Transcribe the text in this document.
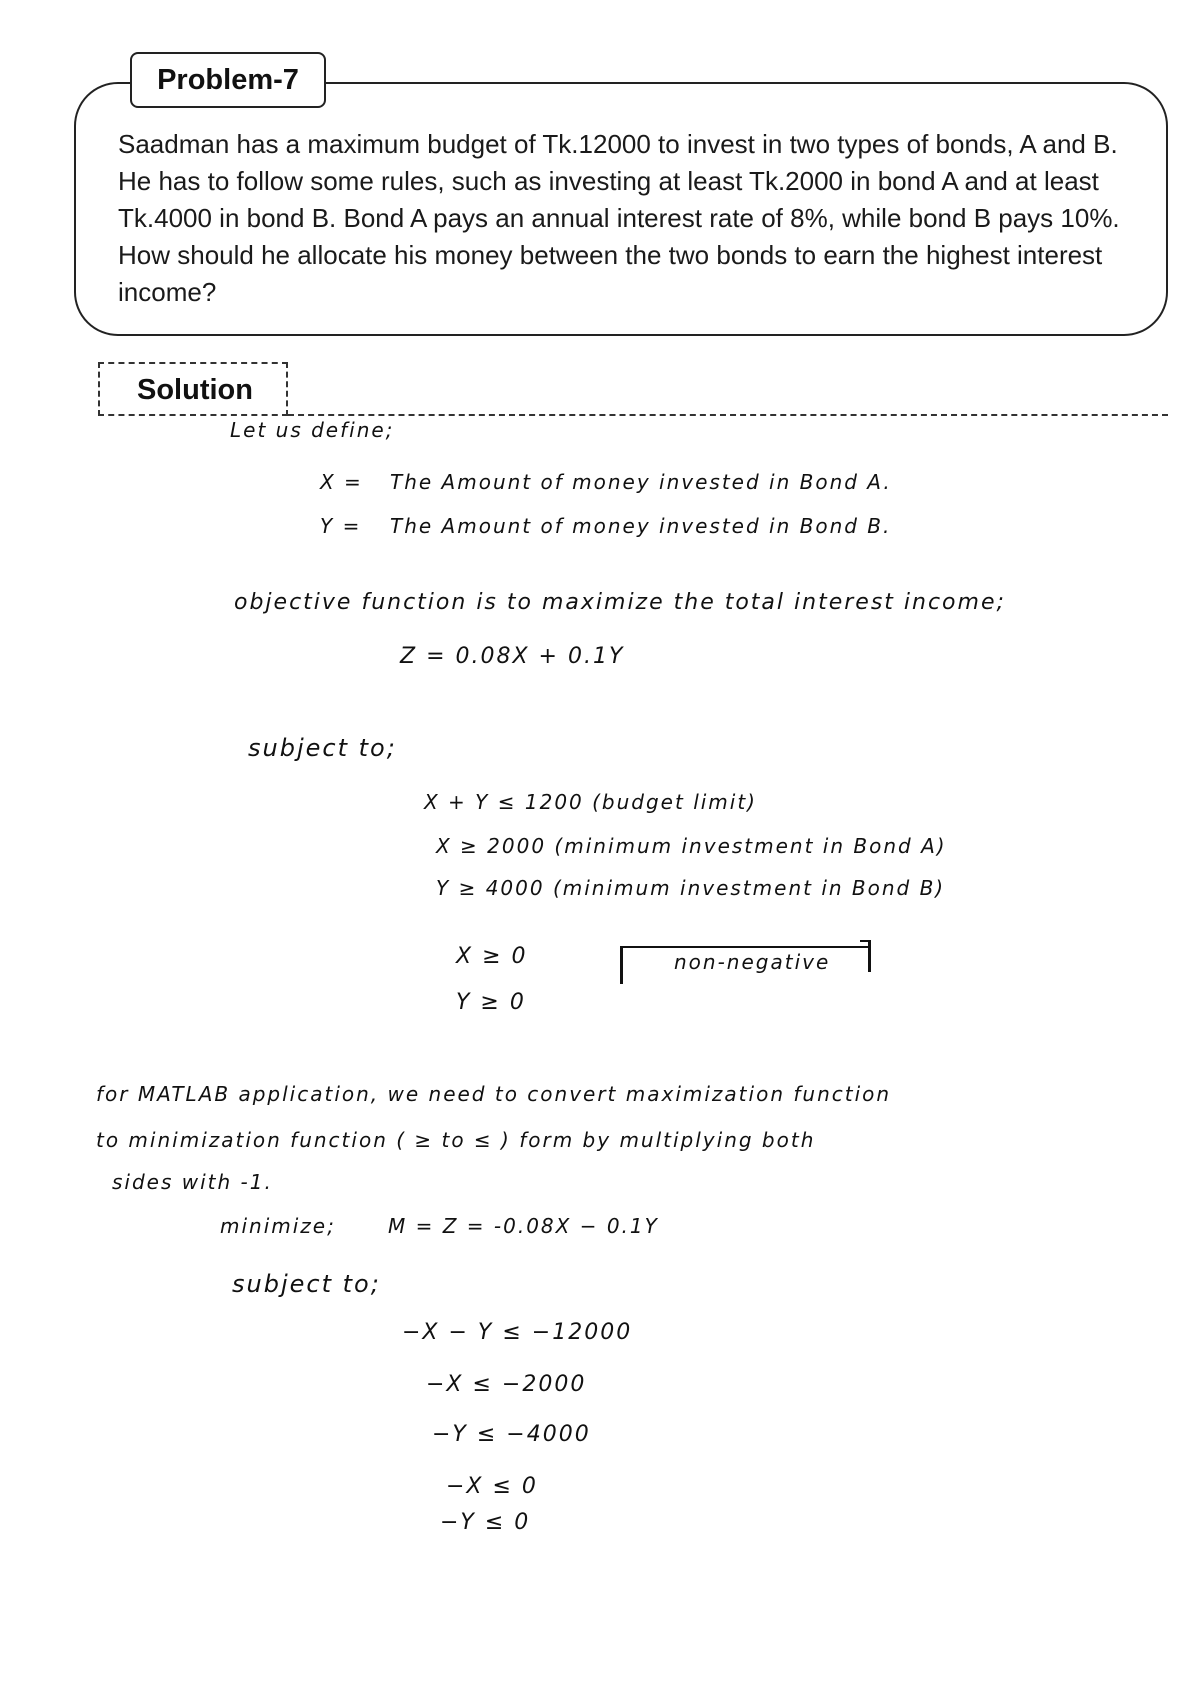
Problem-7
Saadman has a maximum budget of Tk.12000 to invest in two types of bonds, A and B. He has to follow some rules, such as investing at least Tk.2000 in bond A and at least Tk.4000 in bond B. Bond A pays an annual interest rate of 8%, while bond B pays 10%. How should he allocate his money between the two bonds to earn the highest interest income?
Solution
Let us define;
X = The Amount of money invested in Bond A.
Y = The Amount of money invested in Bond B.
objective function is to maximize the total interest income;
Z = 0.08X + 0.1Y
subject to;
X + Y ≤ 1200 (budget limit)
X ≥ 2000 (minimum investment in Bond A)
Y ≥ 4000 (minimum investment in Bond B)
X ≥ 0
Y ≥ 0
non-negative
for MATLAB application, we need to convert maximization function
to minimization function ( ≥ to ≤ ) form by multiplying both
sides with -1.
minimize;	M = Z = -0.08X − 0.1Y
subject to;
−X − Y ≤ −12000
−X ≤ −2000
−Y ≤ −4000
−X ≤ 0
−Y ≤ 0
